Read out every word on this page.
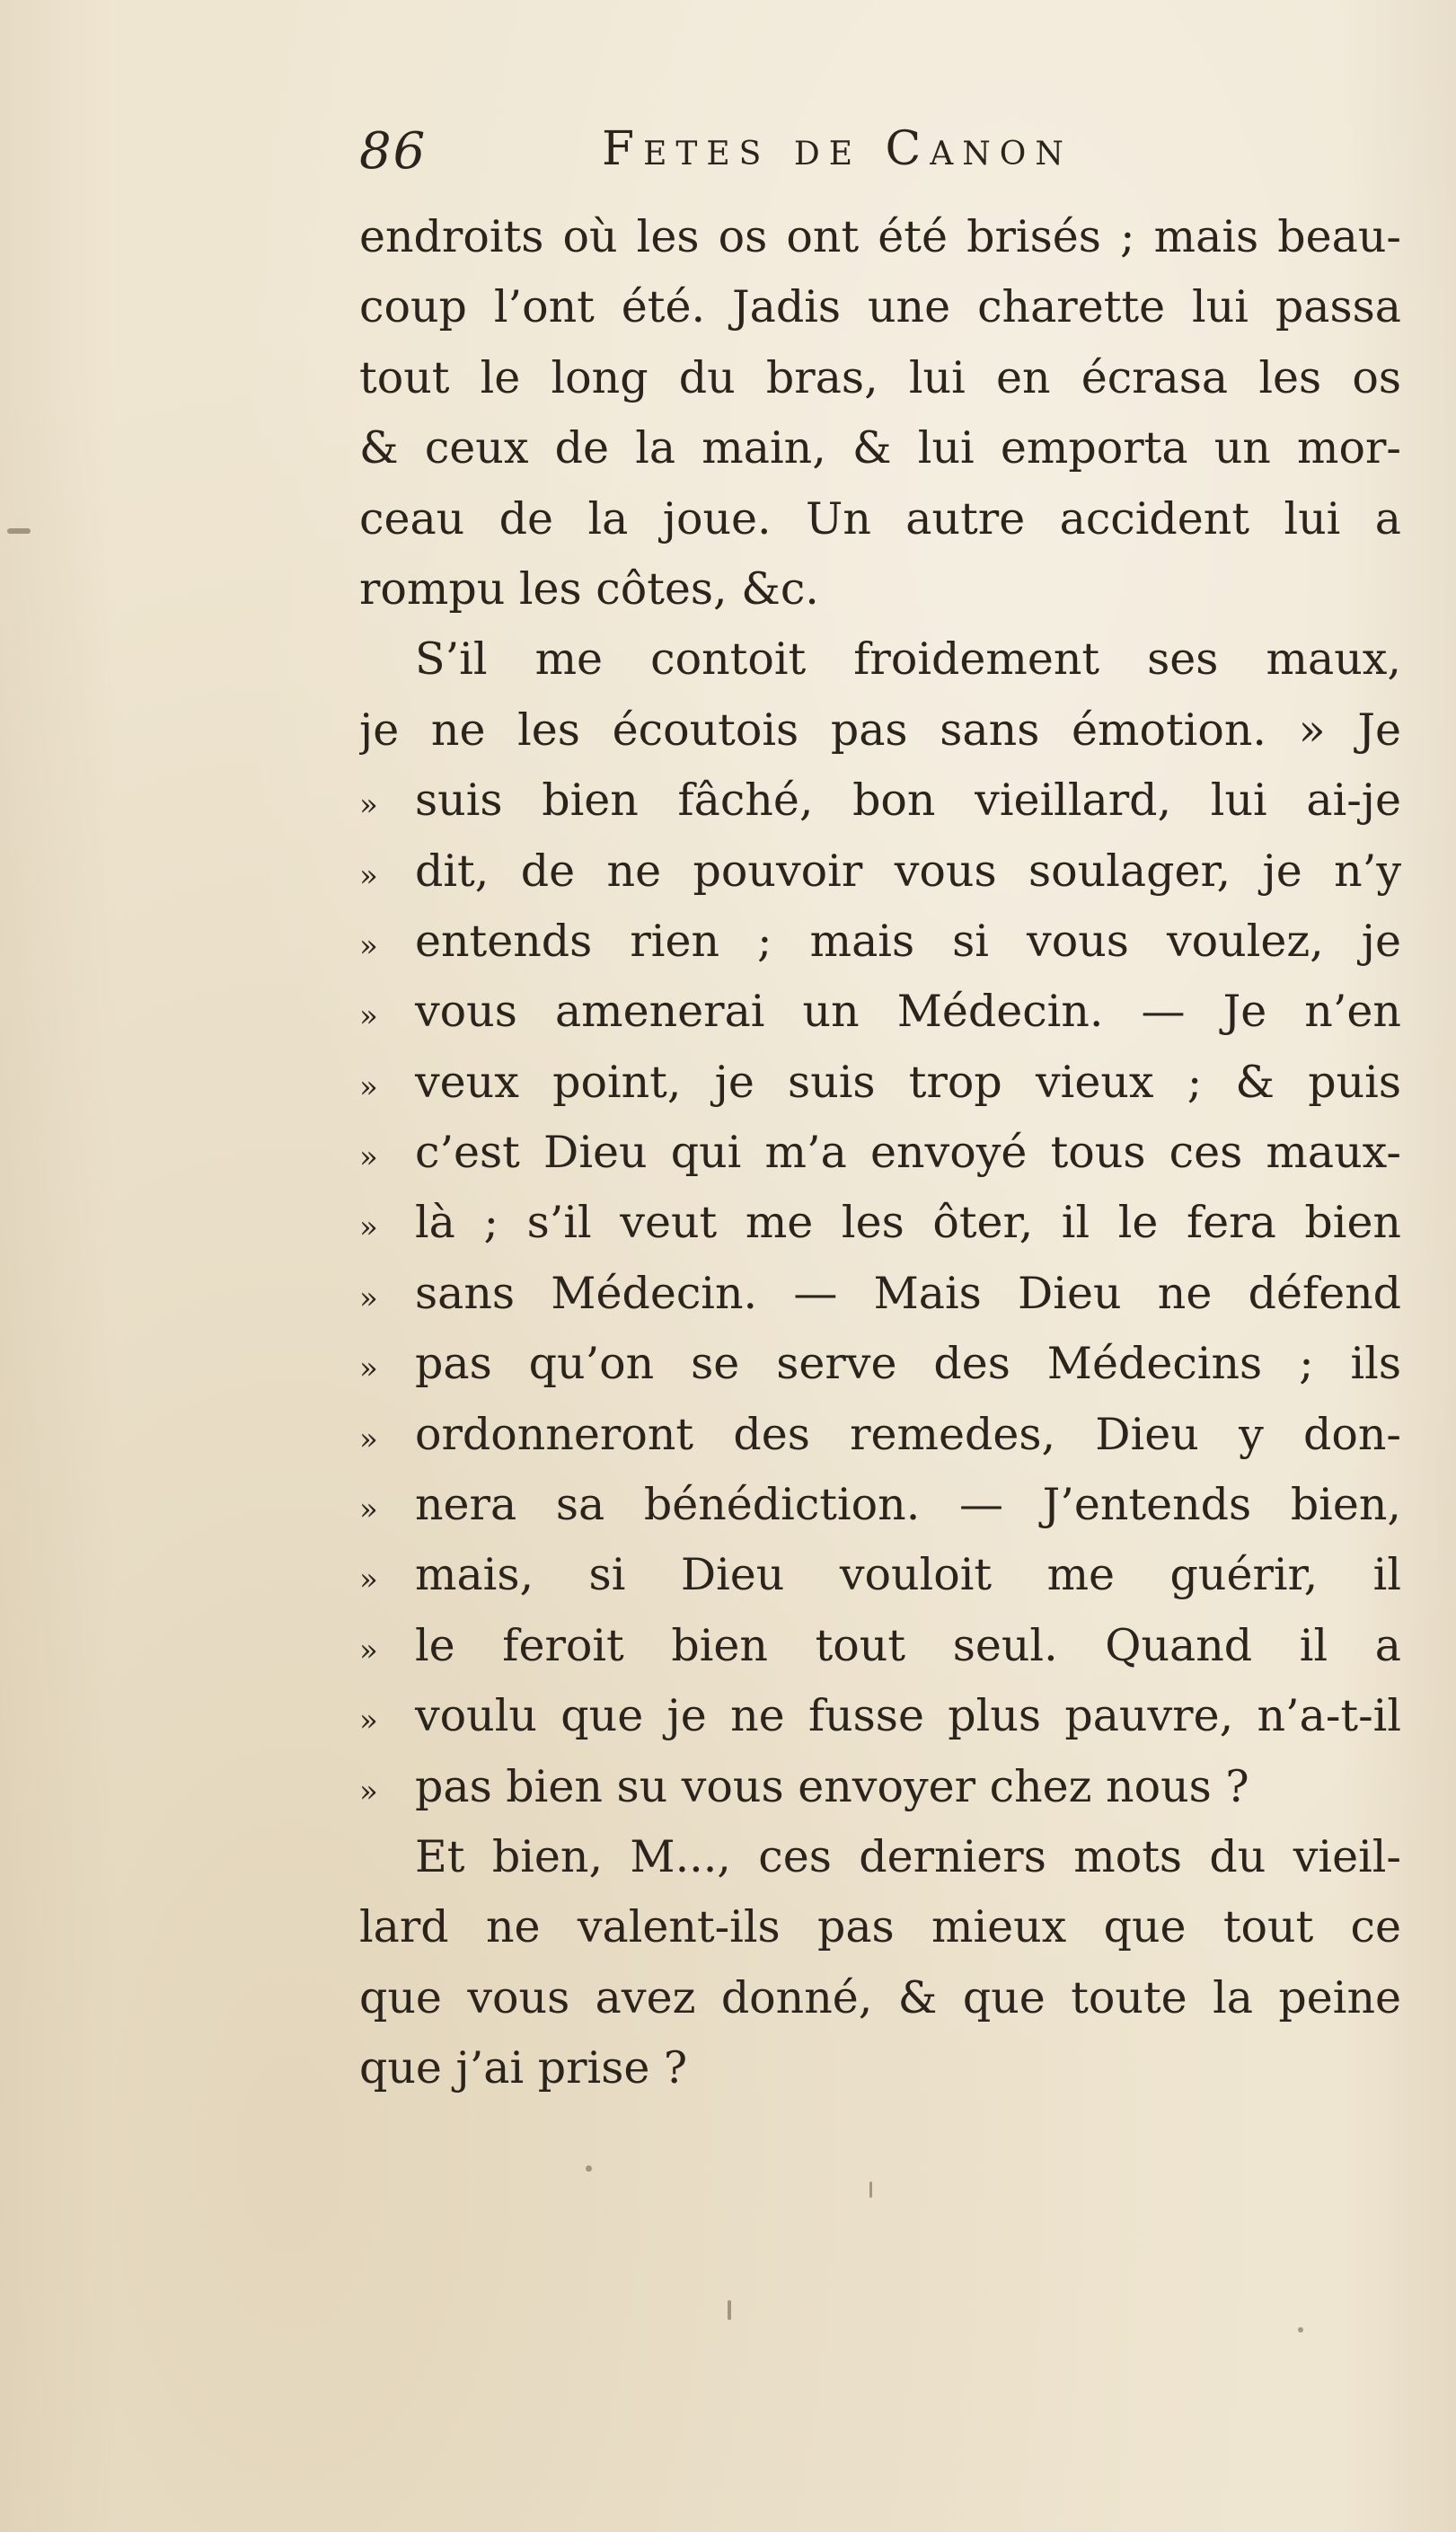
86	Fetes de Canon
endroits où les os ont été brisés ; mais beau-
coup l’ont été. Jadis une charette lui passa
tout le long du bras, lui en écrasa les os
& ceux de la main, & lui emporta un mor-
ceau de la joue. Un autre accident lui a
rompu les côtes, &c.
S’il me contoit froidement ses maux,
je ne les écoutois pas sans émotion. » Je
» suis bien fâché, bon vieillard, lui ai-je
» dit, de ne pouvoir vous soulager, je n’y
» entends rien ; mais si vous voulez, je
» vous amenerai un Médecin. — Je n’en
» veux point, je suis trop vieux ; & puis
» c’est Dieu qui m’a envoyé tous ces maux-
» là ; s’il veut me les ôter, il le fera bien
» sans Médecin. — Mais Dieu ne défend
» pas qu’on se serve des Médecins ; ils
» ordonneront des remedes, Dieu y don-
» nera sa bénédiction. — J’entends bien,
» mais, si Dieu vouloit me guérir, il
» le feroit bien tout seul. Quand il a
» voulu que je ne fusse plus pauvre, n’a-t-il
» pas bien su vous envoyer chez nous ?
Et bien, M..., ces derniers mots du vieil-
lard ne valent-ils pas mieux que tout ce
que vous avez donné, & que toute la peine
que j’ai prise ?
